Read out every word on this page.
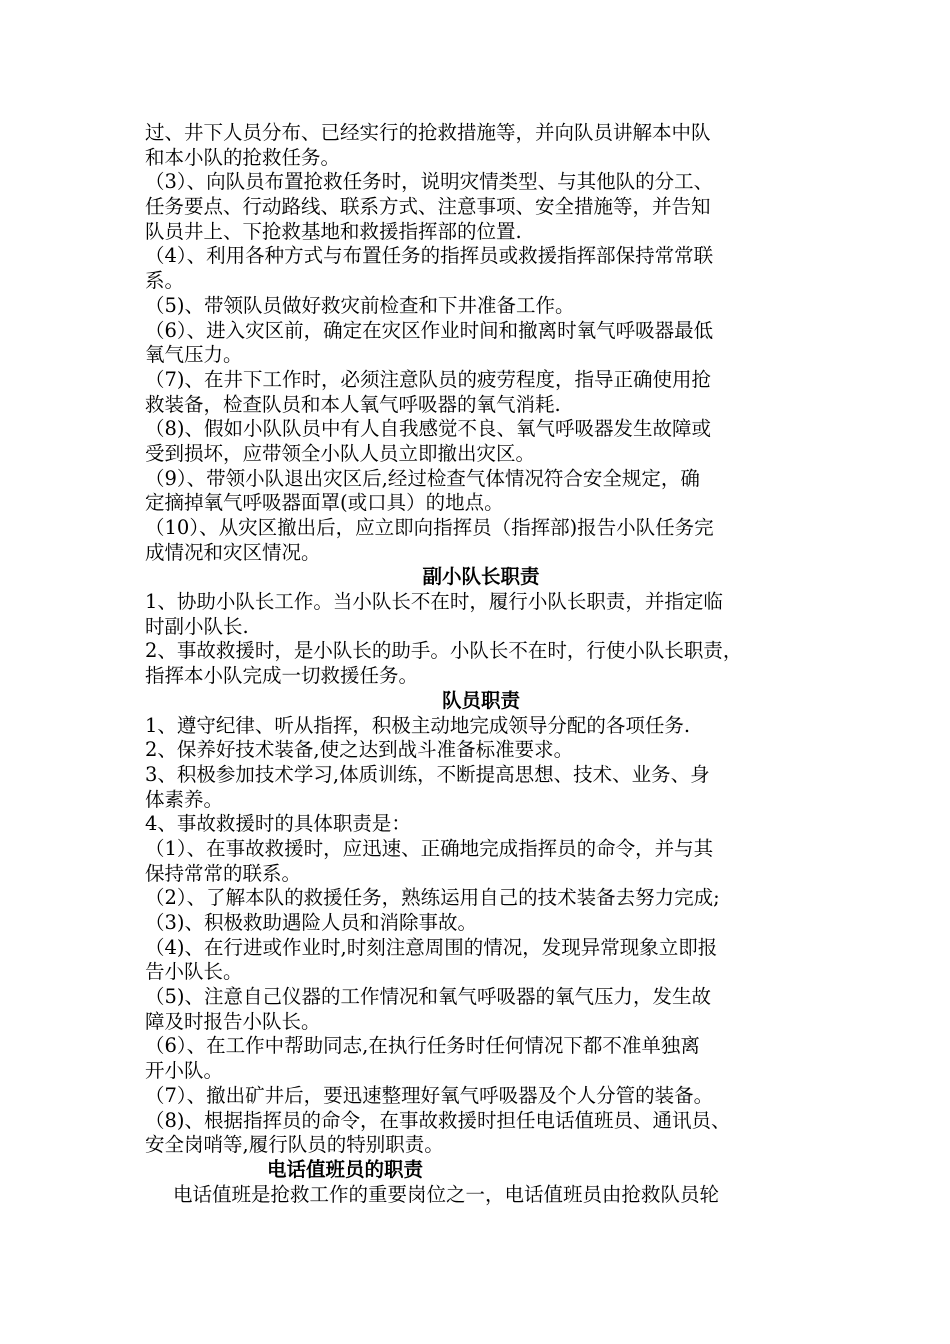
过、井下人员分布、已经实行的抢救措施等，并向队员讲解本中队
和本小队的抢救任务。
（3）、向队员布置抢救任务时，说明灾情类型、与其他队的分工、
任务要点、行动路线、联系方式、注意事项、安全措施等，并告知
队员井上、下抢救基地和救援指挥部的位置.
（4）、利用各种方式与布置任务的指挥员或救援指挥部保持常常联
系。
（5)、带领队员做好救灾前检查和下井准备工作。
（6）、进入灾区前，确定在灾区作业时间和撤离时氧气呼吸器最低
氧气压力。
（7)、在井下工作时，必须注意队员的疲劳程度，指导正确使用抢
救装备，检查队员和本人氧气呼吸器的氧气消耗.
（8)、假如小队队员中有人自我感觉不良、氧气呼吸器发生故障或
受到损坏，应带领全小队人员立即撤出灾区。
（9）、带领小队退出灾区后,经过检查气体情况符合安全规定，确
定摘掉氧气呼吸器面罩(或口具）的地点。
（10）、从灾区撤出后，应立即向指挥员（指挥部)报告小队任务完
成情况和灾区情况。
副小队长职责
1、协助小队长工作。当小队长不在时，履行小队长职责，并指定临
时副小队长.
2、事故救援时，是小队长的助手。小队长不在时，行使小队长职责，
指挥本小队完成一切救援任务。
队员职责
1、遵守纪律、听从指挥，积极主动地完成领导分配的各项任务.
2、保养好技术装备,使之达到战斗准备标准要求。
3、积极参加技术学习,体质训练，不断提高思想、技术、业务、身
体素养。
4、事故救援时的具体职责是：
（1）、在事故救援时，应迅速、正确地完成指挥员的命令，并与其
保持常常的联系。
（2）、了解本队的救援任务，熟练运用自己的技术装备去努力完成;
（3)、积极救助遇险人员和消除事故。
（4)、在行进或作业时,时刻注意周围的情况，发现异常现象立即报
告小队长。
（5)、注意自己仪器的工作情况和氧气呼吸器的氧气压力，发生故
障及时报告小队长。
（6）、在工作中帮助同志,在执行任务时任何情况下都不准单独离
开小队。
（7）、撤出矿井后，要迅速整理好氧气呼吸器及个人分管的装备。
（8)、根据指挥员的命令，在事故救援时担任电话值班员、通讯员、
安全岗哨等,履行队员的特别职责。
电话值班员的职责
电话值班是抢救工作的重要岗位之一，电话值班员由抢救队员轮
